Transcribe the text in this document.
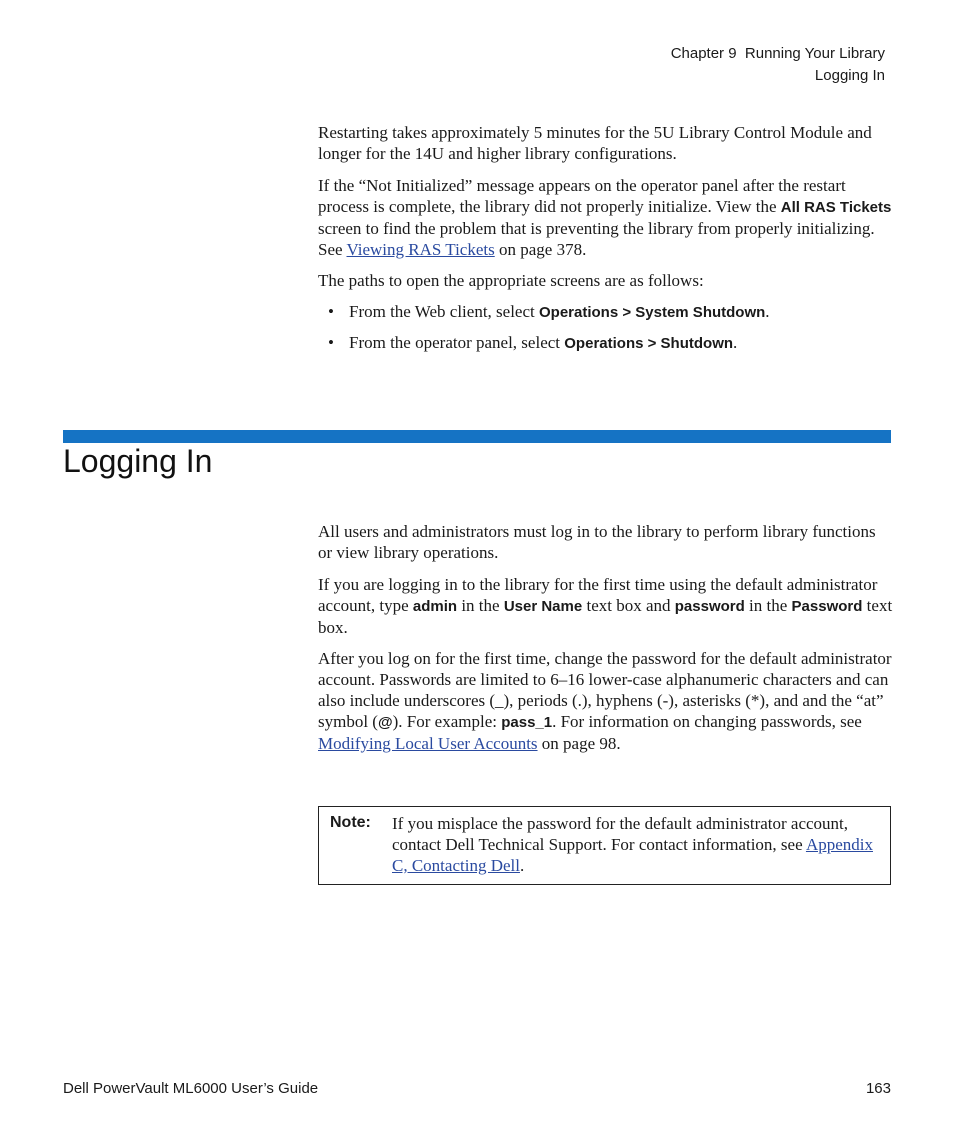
Chapter 9  Running Your Library
Logging In

Restarting takes approximately 5 minutes for the 5U Library Control Module and longer for the 14U and higher library configurations.

If the “Not Initialized” message appears on the operator panel after the restart process is complete, the library did not properly initialize. View the All RAS Tickets screen to find the problem that is preventing the library from properly initializing. See Viewing RAS Tickets on page 378.

The paths to open the appropriate screens are as follows:

• From the Web client, select Operations > System Shutdown.
• From the operator panel, select Operations > Shutdown.
Logging In

All users and administrators must log in to the library to perform library functions or view library operations.

If you are logging in to the library for the first time using the default administrator account, type admin in the User Name text box and password in the Password text box.

After you log on for the first time, change the password for the default administrator account. Passwords are limited to 6–16 lower-case alphanumeric characters and can also include underscores (_), periods (.), hyphens (-), asterisks (*), and and the “at” symbol (@). For example: pass_1. For information on changing passwords, see Modifying Local User Accounts on page 98.

Note: If you misplace the password for the default administrator account, contact Dell Technical Support. For contact information, see Appendix C, Contacting Dell.

Dell PowerVault ML6000 User’s Guide	163
